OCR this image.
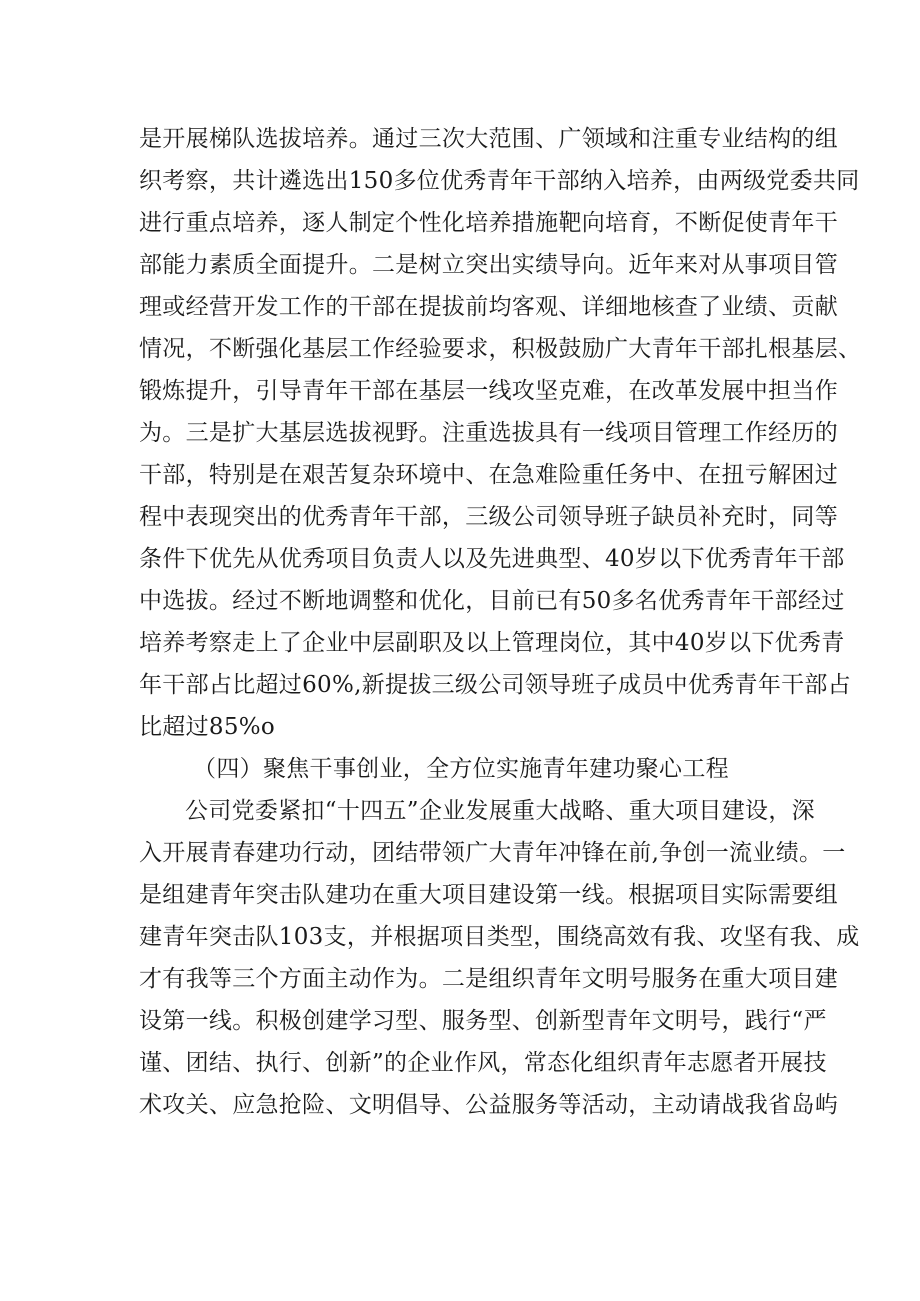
是开展梯队选拔培养。通过三次大范围、广领域和注重专业结构的组
织考察，共计遴选出150多位优秀青年干部纳入培养，由两级党委共同
进行重点培养，逐人制定个性化培养措施靶向培育，不断促使青年干
部能力素质全面提升。二是树立突出实绩导向。近年来对从事项目管
理或经营开发工作的干部在提拔前均客观、详细地核查了业绩、贡献
情况，不断强化基层工作经验要求，积极鼓励广大青年干部扎根基层、
锻炼提升，引导青年干部在基层一线攻坚克难，在改革发展中担当作
为。三是扩大基层选拔视野。注重选拔具有一线项目管理工作经历的
干部，特别是在艰苦复杂环境中、在急难险重任务中、在扭亏解困过
程中表现突出的优秀青年干部，三级公司领导班子缺员补充时，同等
条件下优先从优秀项目负责人以及先进典型、40岁以下优秀青年干部
中选拔。经过不断地调整和优化，目前已有50多名优秀青年干部经过
培养考察走上了企业中层副职及以上管理岗位，其中40岁以下优秀青
年干部占比超过60%,新提拔三级公司领导班子成员中优秀青年干部占
比超过85%o
（四）聚焦干事创业，全方位实施青年建功聚心工程
公司党委紧扣“十四五”企业发展重大战略、重大项目建设，深
入开展青春建功行动，团结带领广大青年冲锋在前,争创一流业绩。一
是组建青年突击队建功在重大项目建设第一线。根据项目实际需要组
建青年突击队103支，并根据项目类型，围绕高效有我、攻坚有我、成
才有我等三个方面主动作为。二是组织青年文明号服务在重大项目建
设第一线。积极创建学习型、服务型、创新型青年文明号，践行“严
谨、团结、执行、创新”的企业作风，常态化组织青年志愿者开展技
术攻关、应急抢险、文明倡导、公益服务等活动，主动请战我省岛屿
